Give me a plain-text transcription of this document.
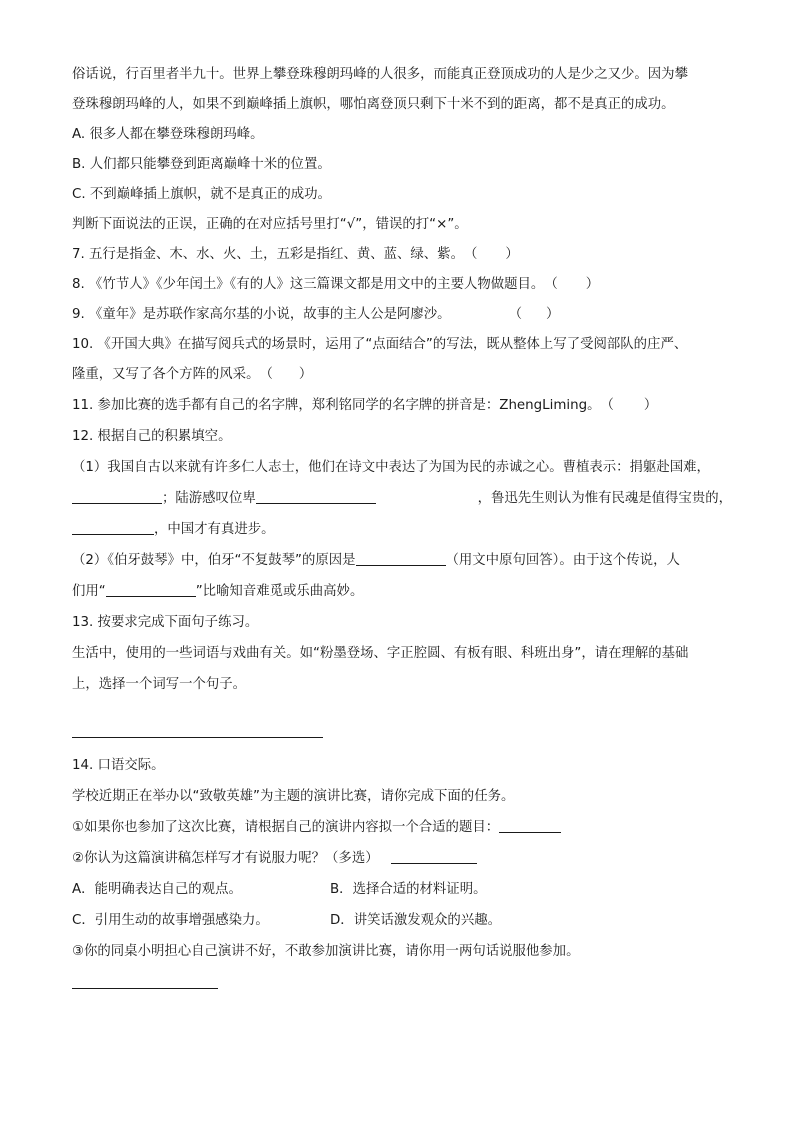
俗话说，行百里者半九十。世界上攀登珠穆朗玛峰的人很多，而能真正登顶成功的人是少之又少。因为攀
登珠穆朗玛峰的人，如果不到巅峰插上旗帜，哪怕离登顶只剩下十米不到的距离，都不是真正的成功。
A. 很多人都在攀登珠穆朗玛峰。
B. 人们都只能攀登到距离巅峰十米的位置。
C. 不到巅峰插上旗帜，就不是真正的成功。
判断下面说法的正误，正确的在对应括号里打“√”，错误的打“×”。
7. 五行是指金、木、水、火、土，五彩是指红、黄、蓝、绿、紫。（ ）
8. 《竹节人》《少年闰土》《有的人》这三篇课文都是用文中的主要人物做题目。（ ）
9. 《童年》是苏联作家高尔基的小说，故事的主人公是阿廖沙。	（ ）
10. 《开国大典》在描写阅兵式的场景时，运用了“点面结合”的写法，既从整体上写了受阅部队的庄严、
隆重，又写了各个方阵的风采。（ ）
11. 参加比赛的选手都有自己的名字牌，郑利铭同学的名字牌的拼音是：ZhengLiming。（ ）
12. 根据自己的积累填空。
（1）我国自古以来就有许多仁人志士，他们在诗文中表达了为国为民的赤诚之心。曹植表示：捐躯赴国难，
；陆游感叹位卑	，鲁迅先生则认为惟有民魂是值得宝贵的，
，中国才有真进步。
（2）《伯牙鼓琴》中，伯牙“不复鼓琴”的原因是	（用文中原句回答）。由于这个传说，人
们用“	”比喻知音难觅或乐曲高妙。
13. 按要求完成下面句子练习。
生活中，使用的一些词语与戏曲有关。如“粉墨登场、字正腔圆、有板有眼、科班出身”，请在理解的基础
上，选择一个词写一个句子。
14. 口语交际。
学校近期正在举办以“致敬英雄”为主题的演讲比赛，请你完成下面的任务。
①如果你也参加了这次比赛，请根据自己的演讲内容拟一个合适的题目：
②你认为这篇演讲稿怎样写才有说服力呢？（多选）
A．能明确表达自己的观点。	B．选择合适的材料证明。
C．引用生动的故事增强感染力。	D．讲笑话激发观众的兴趣。
③你的同桌小明担心自己演讲不好，不敢参加演讲比赛，请你用一两句话说服他参加。
